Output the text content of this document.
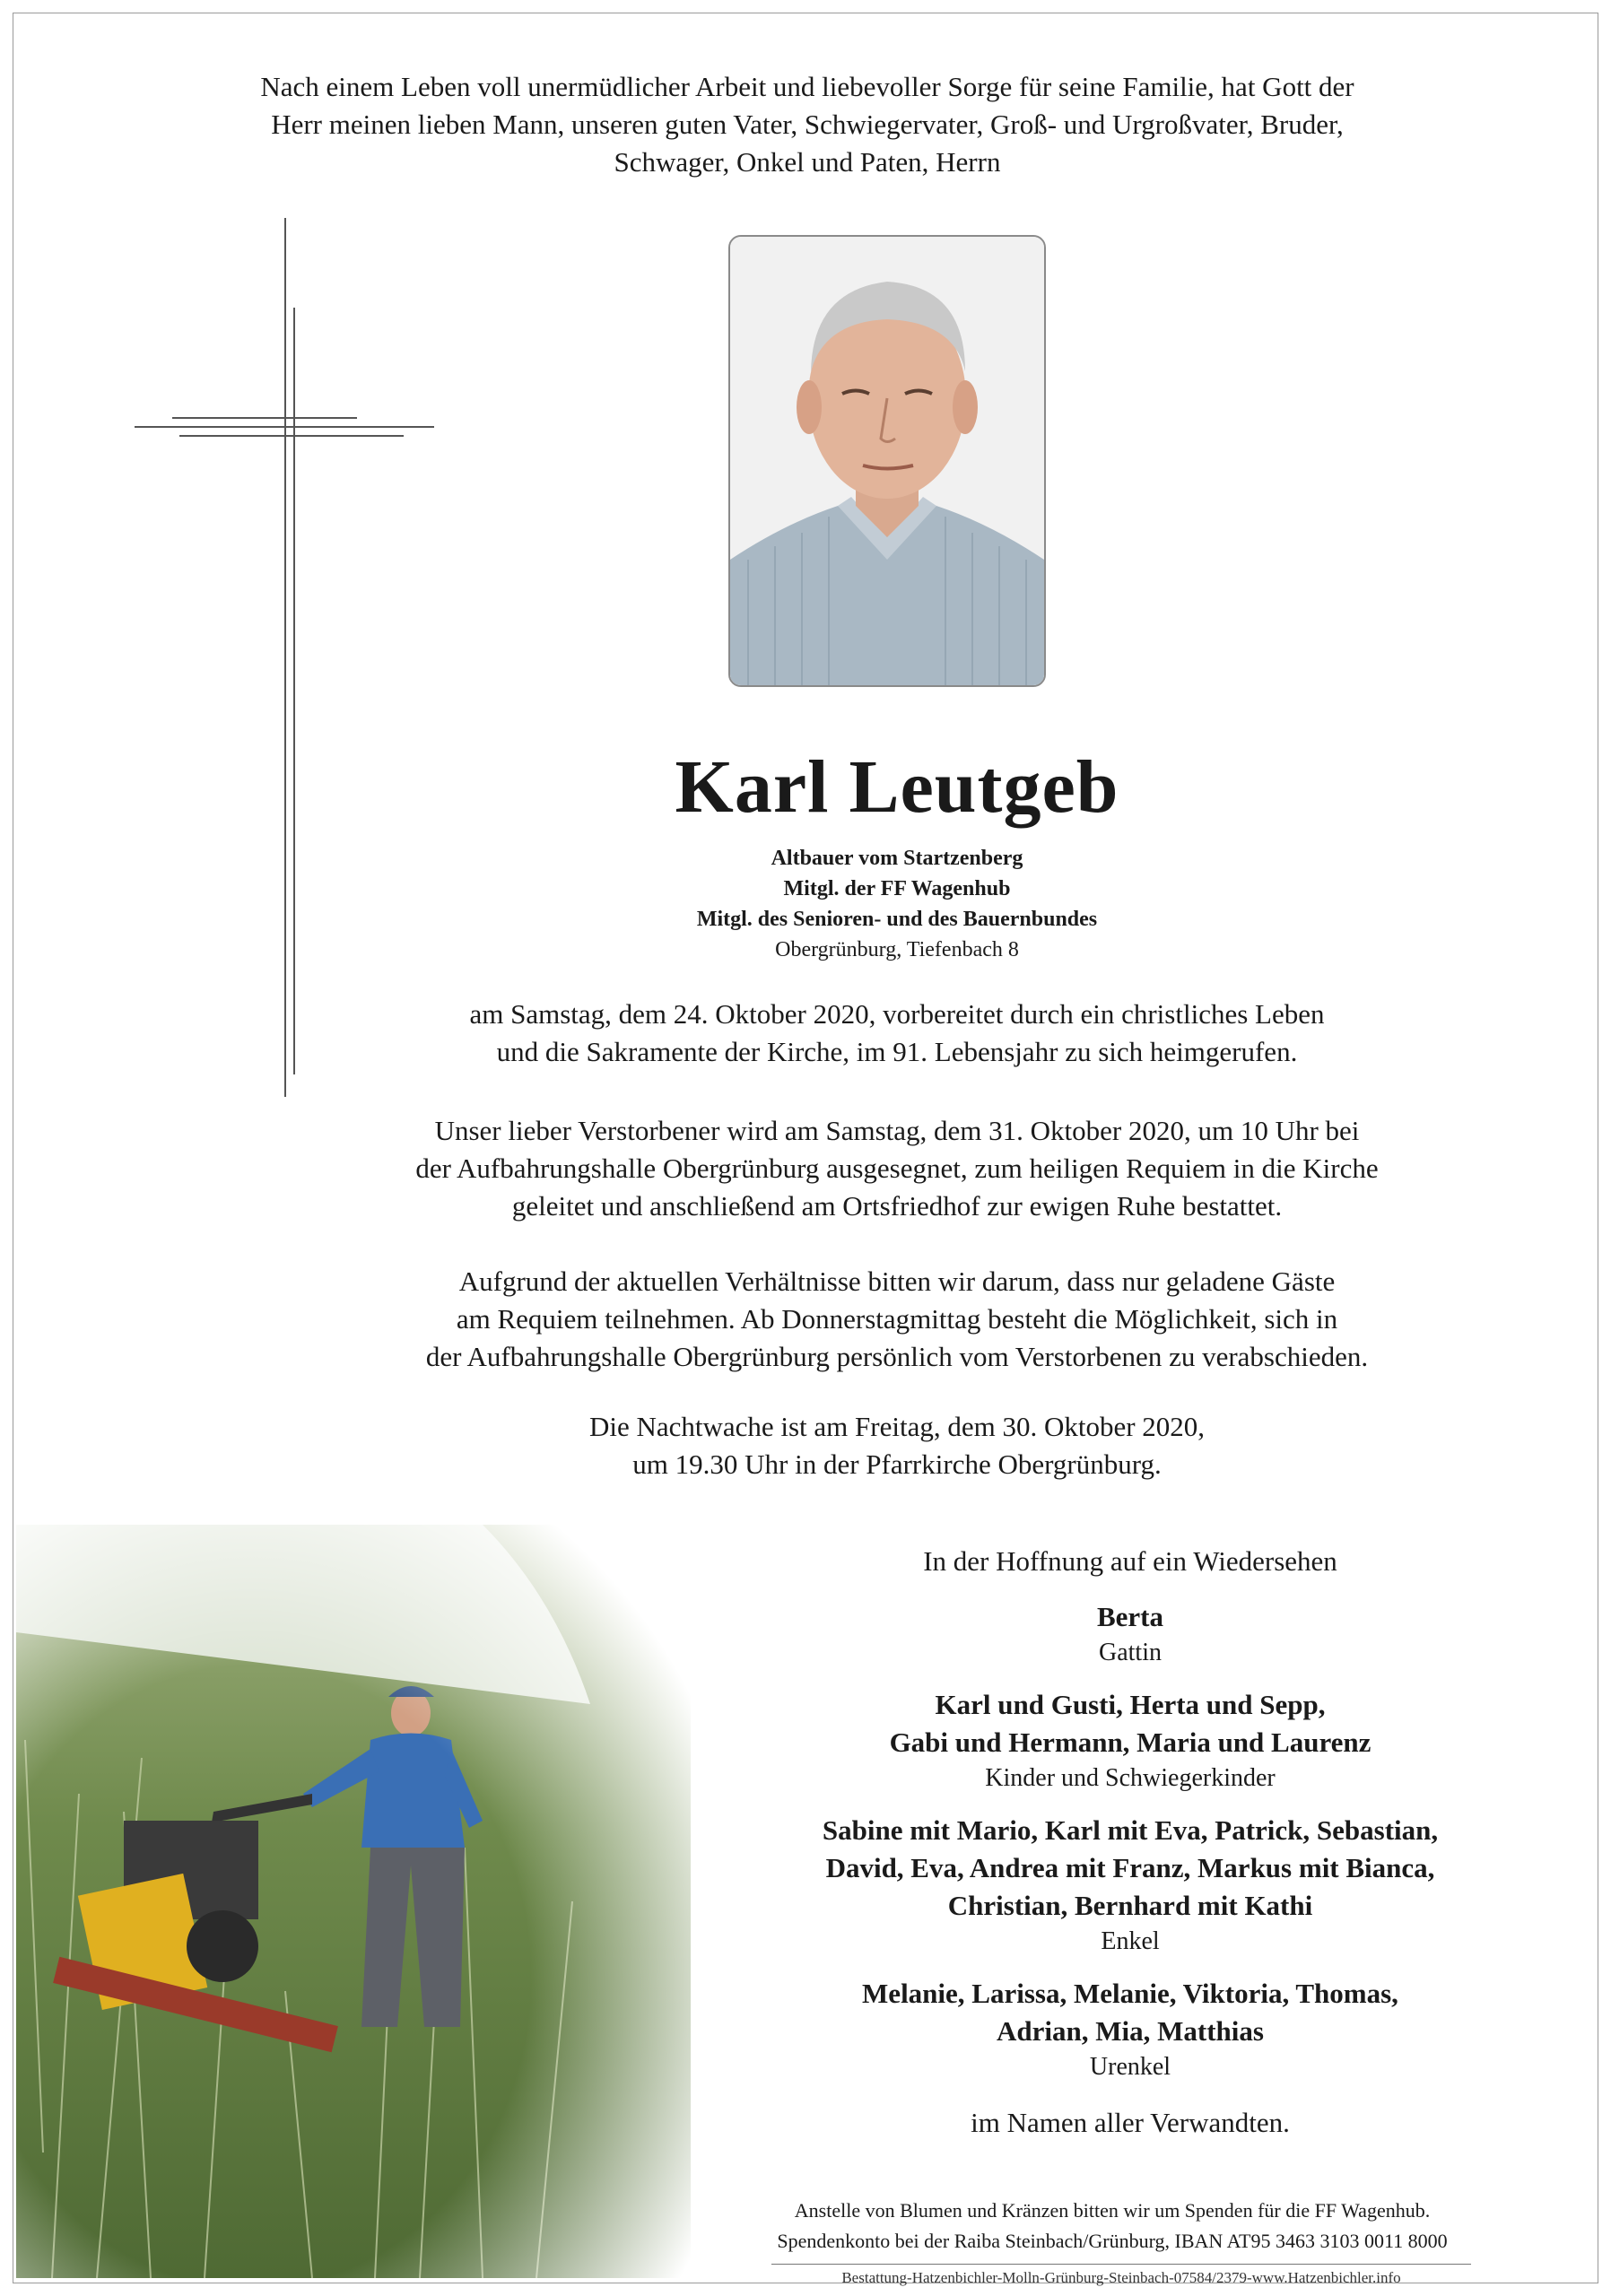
Nach einem Leben voll unermüdlicher Arbeit und liebevoller Sorge für seine Familie, hat Gott der
Herr meinen lieben Mann, unseren guten Vater, Schwiegervater, Groß- und Urgroßvater, Bruder,
Schwager, Onkel und Paten, Herrn
Karl Leutgeb
Altbauer vom Startzenberg
Mitgl. der FF Wagenhub
Mitgl. des Senioren- und des Bauernbundes
Obergrünburg, Tiefenbach 8
am Samstag, dem 24. Oktober 2020, vorbereitet durch ein christliches Leben
und die Sakramente der Kirche, im 91. Lebensjahr zu sich heimgerufen.
Unser lieber Verstorbener wird am Samstag, dem 31. Oktober 2020, um 10 Uhr bei
der Aufbahrungshalle Obergrünburg ausgesegnet, zum heiligen Requiem in die Kirche
geleitet und anschließend am Ortsfriedhof zur ewigen Ruhe bestattet.
Aufgrund der aktuellen Verhältnisse bitten wir darum, dass nur geladene Gäste
am Requiem teilnehmen. Ab Donnerstagmittag besteht die Möglichkeit, sich in
der Aufbahrungshalle Obergrünburg persönlich vom Verstorbenen zu verabschieden.
Die Nachtwache ist am Freitag, dem 30. Oktober 2020,
um 19.30 Uhr in der Pfarrkirche Obergrünburg.
In der Hoffnung auf ein Wiedersehen
Berta
Gattin
Karl und Gusti, Herta und Sepp,
Gabi und Hermann, Maria und Laurenz
Kinder und Schwiegerkinder
Sabine mit Mario, Karl mit Eva, Patrick, Sebastian,
David, Eva, Andrea mit Franz, Markus mit Bianca,
Christian, Bernhard mit Kathi
Enkel
Melanie, Larissa, Melanie, Viktoria, Thomas,
Adrian, Mia, Matthias
Urenkel
im Namen aller Verwandten.
Anstelle von Blumen und Kränzen bitten wir um Spenden für die FF Wagenhub.
Spendenkonto bei der Raiba Steinbach/Grünburg, IBAN AT95 3463 3103 0011 8000
Bestattung-Hatzenbichler-Molln-Grünburg-Steinbach-07584/2379-www.Hatzenbichler.info
